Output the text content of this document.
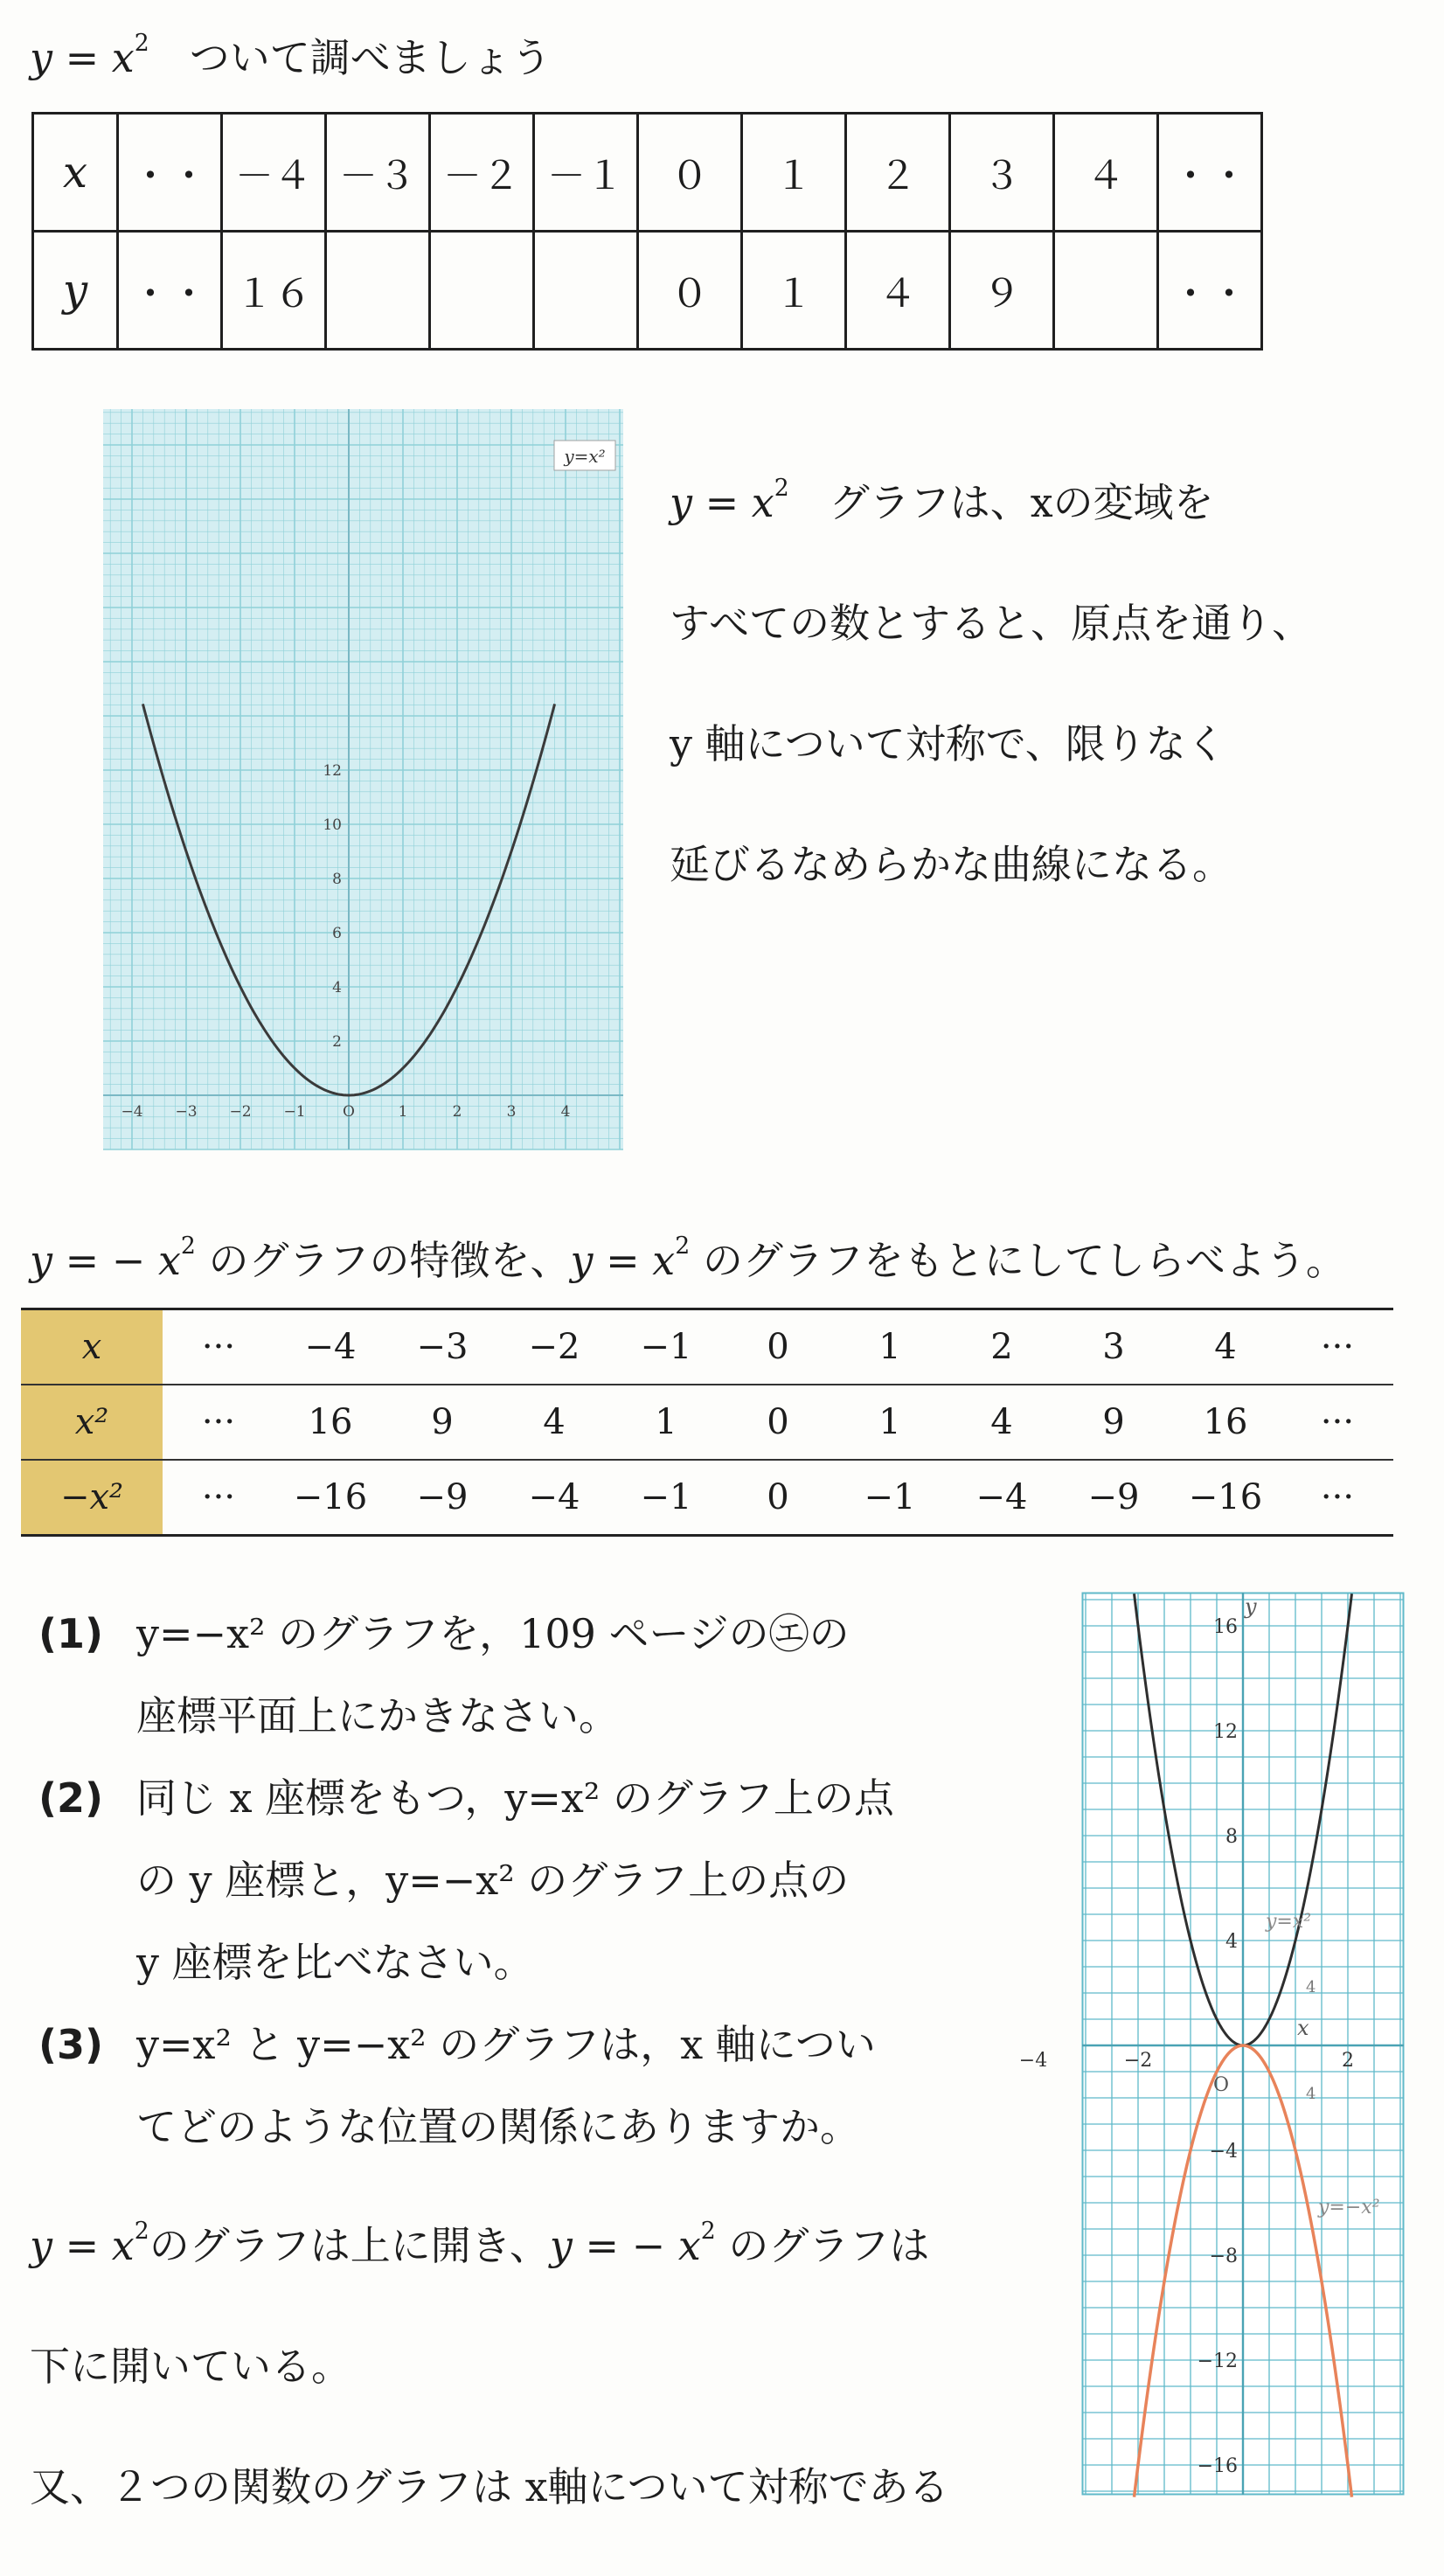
$y = x^2$　ついて調べましょう
x	・・	－４	－３	－２	－１	０	１	２	３	４	・・
y	・・	１６				０	１	４	９		・・
y=x²
−4 −3 −2 −1	1	2	3	4
12
10
8
6
4
2
O
$y = x^2$　グラフは、xの変域を
すべての数とすると、原点を通り、
y 軸について対称で、限りなく
延びるなめらかな曲線になる。
y = − $x^2$ のグラフの特徴を、$y = x^2$ のグラフをもとにしてしらべよう。
x	···	−4	−3	−2	−1	0	1	2	3	4	···
x²	···	16	9	4	1	0	1	4	9	16	···
−x²	···	−16	−9	−4	−1	0	−1	−4	−9	−16	···
(1) y=−x² のグラフを，109 ページの㋓の
座標平面上にかきなさい。
(2) 同じ x 座標をもつ，y=x² のグラフ上の点
の y 座標と，y=−x² のグラフ上の点の
y 座標を比べなさい。
(3) y=x² と y=−x² のグラフは，x 軸につい
てどのような位置の関係にありますか。
$y = x^2$のグラフは上に開き、y = − $x^2$ のグラフは
下に開いている。
又、２つの関数のグラフは x軸について対称である
−4	−2	2
16
12
8
4
−4
−8
−12
−16
y=x²
y=−x²
x
y
O
4
4
